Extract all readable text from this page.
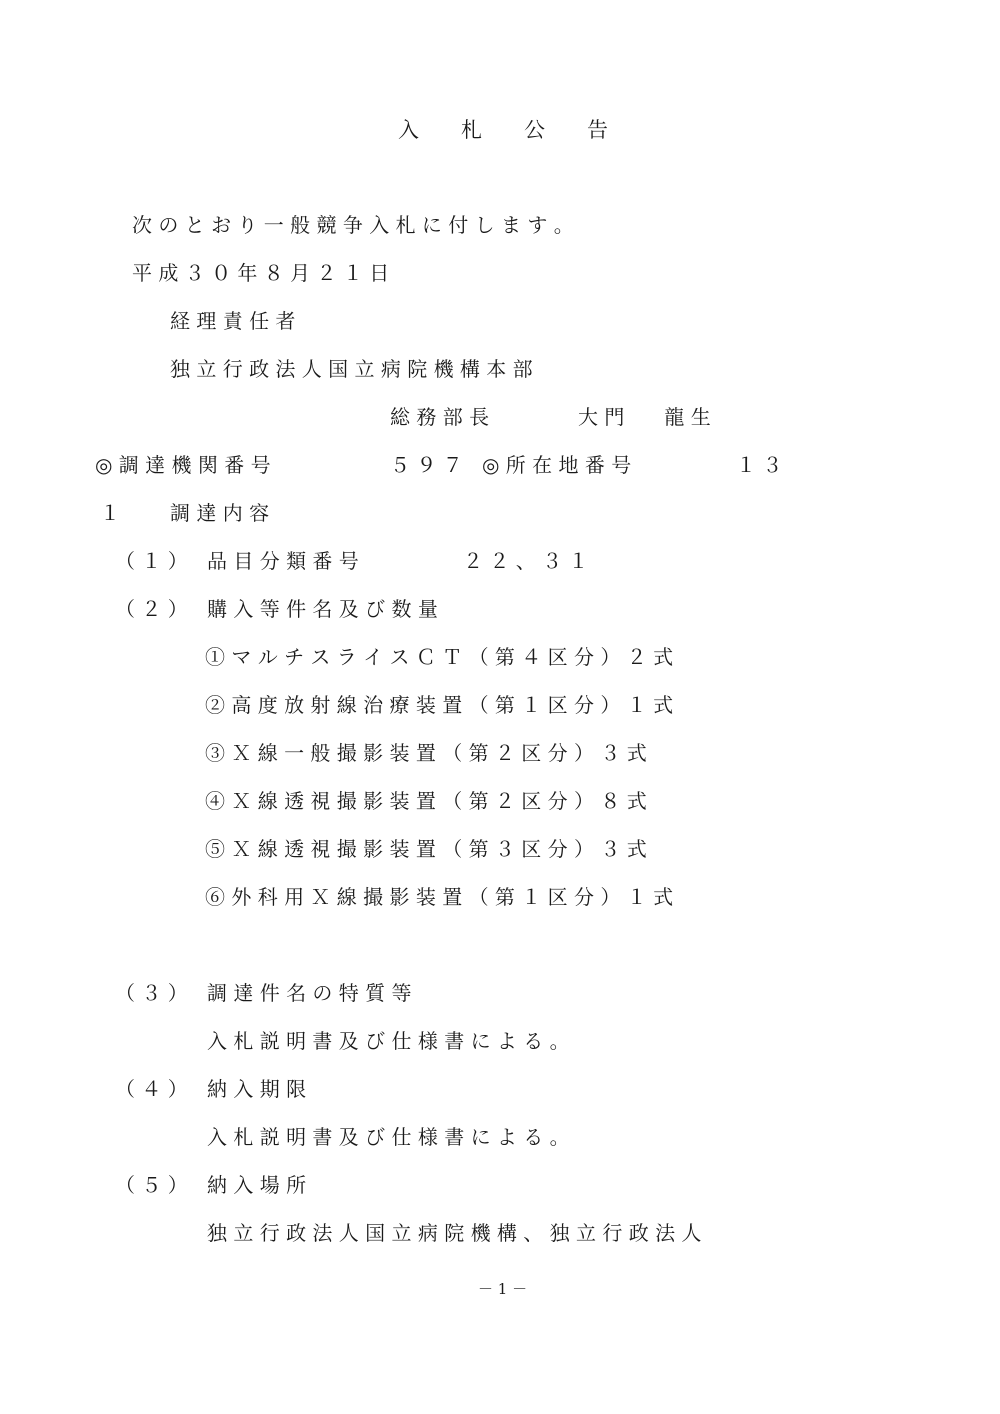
入　　札　　公　　告
次 の と お り 一 般 競 争 入 札 に 付 し ま す 。
平 成 ３ ０ 年 ８ 月 ２ １ 日
経 理 責 任 者
独 立 行 政 法 人 国 立 病 院 機 構 本 部
総 務 部 長	大 門　　龍 生
◎ 調 達 機 関 番 号	５ ９ ７ ◎ 所 在 地 番 号	１ ３
１	調 達 内 容
（ １ ） 品 目 分 類 番 号	２ ２ 、 ３ １
（ ２ ） 購 入 等 件 名 及 び 数 量
① マ ル チ ス ラ イ ス Ｃ Ｔ （ 第 ４ 区 分 ） ２ 式
② 高 度 放 射 線 治 療 装 置 （ 第 １ 区 分 ） １ 式
③ Ｘ 線 一 般 撮 影 装 置 （ 第 ２ 区 分 ） ３ 式
④ Ｘ 線 透 視 撮 影 装 置 （ 第 ２ 区 分 ） ８ 式
⑤ Ｘ 線 透 視 撮 影 装 置 （ 第 ３ 区 分 ） ３ 式
⑥ 外 科 用 Ｘ 線 撮 影 装 置 （ 第 １ 区 分 ） １ 式
（ ３ ） 調 達 件 名 の 特 質 等
入 札 説 明 書 及 び 仕 様 書 に よ る 。
（ ４ ） 納 入 期 限
入 札 説 明 書 及 び 仕 様 書 に よ る 。
（ ５ ） 納 入 場 所
独 立 行 政 法 人 国 立 病 院 機 構 、 独 立 行 政 法 人
－ 1 －
